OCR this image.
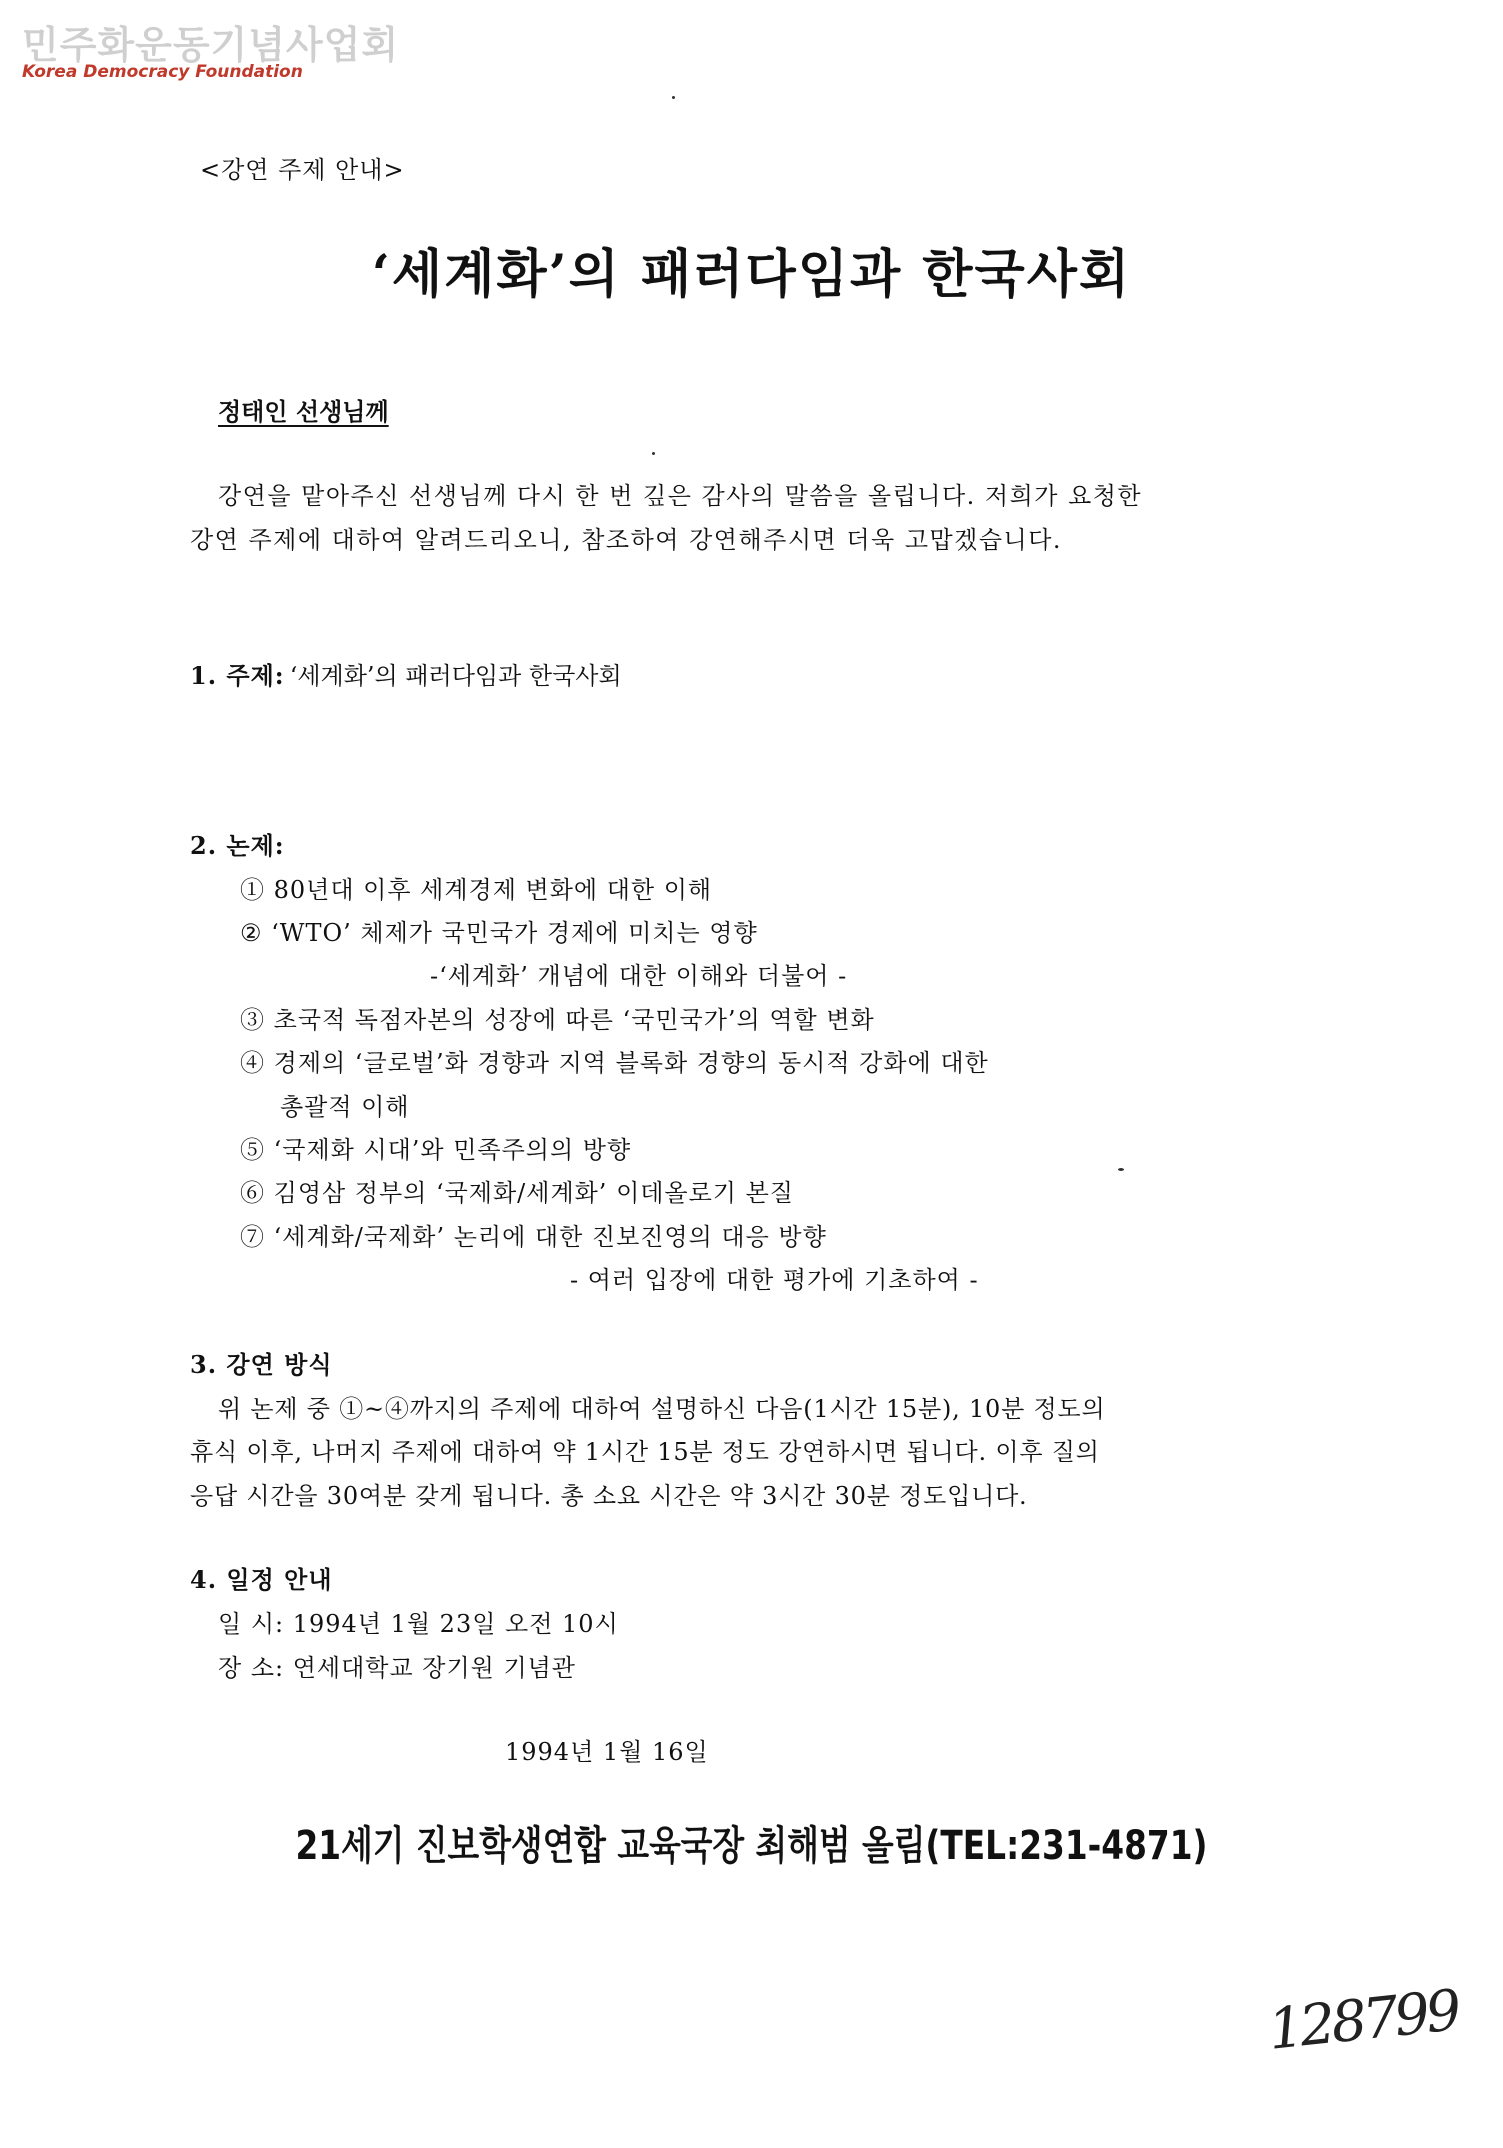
민주화운동기념사업회
Korea Democracy Foundation
<강연 주제 안내>
‘세계화’의 패러다임과 한국사회
정태인 선생님께
강연을 맡아주신 선생님께 다시 한 번 깊은 감사의 말씀을 올립니다. 저희가 요청한
강연 주제에 대하여 알려드리오니, 참조하여 강연해주시면 더욱 고맙겠습니다.
1. 주제: ‘세계화’의 패러다임과 한국사회
2. 논제:
① 80년대 이후 세계경제 변화에 대한 이해
② ‘WTO’ 체제가 국민국가 경제에 미치는 영향
-‘세계화’ 개념에 대한 이해와 더불어 -
③ 초국적 독점자본의 성장에 따른 ‘국민국가’의 역할 변화
④ 경제의 ‘글로벌’화 경향과 지역 블록화 경향의 동시적 강화에 대한
총괄적 이해
⑤ ‘국제화 시대’와 민족주의의 방향
⑥ 김영삼 정부의 ‘국제화/세계화’ 이데올로기 본질
⑦ ‘세계화/국제화’ 논리에 대한 진보진영의 대응 방향
- 여러 입장에 대한 평가에 기초하여 -
3. 강연 방식
위 논제 중 ①~④까지의 주제에 대하여 설명하신 다음(1시간 15분), 10분 정도의
휴식 이후, 나머지 주제에 대하여 약 1시간 15분 정도 강연하시면 됩니다. 이후 질의
응답 시간을 30여분 갖게 됩니다. 총 소요 시간은 약 3시간 30분 정도입니다.
4. 일정 안내
일 시: 1994년 1월 23일 오전 10시
장 소: 연세대학교 장기원 기념관
1994년 1월 16일
21세기 진보학생연합 교육국장 최해범 올림(TEL:231-4871)
128799
